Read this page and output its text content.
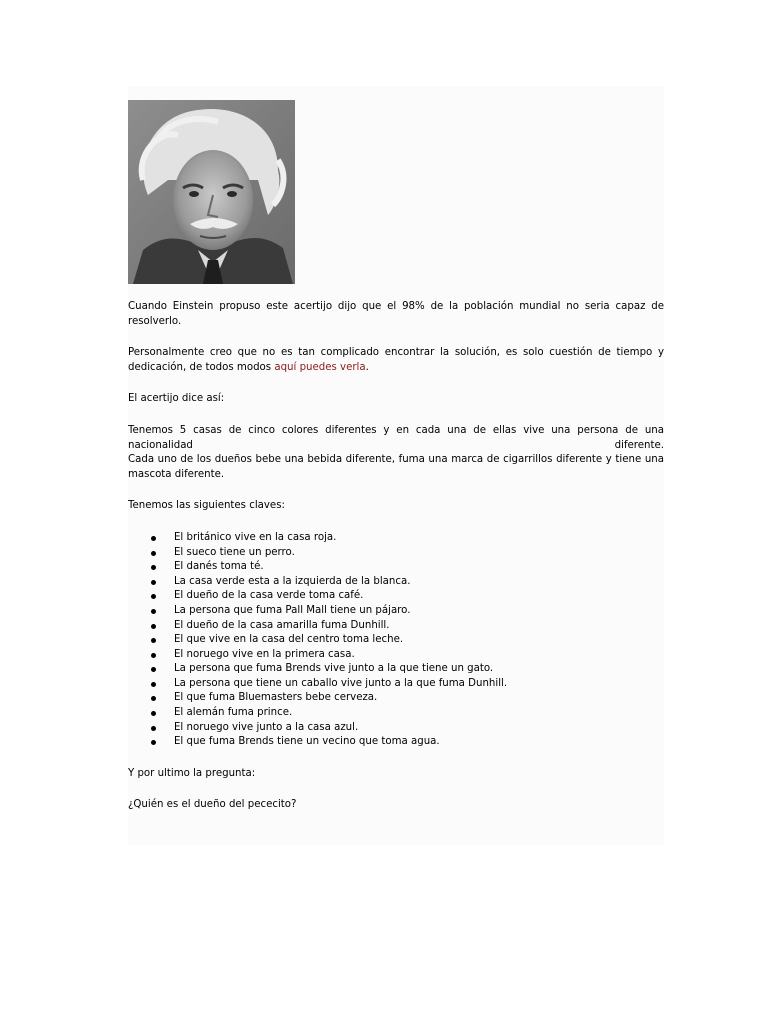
Cuando Einstein propuso este acertijo dijo que el 98% de la población mundial no seria capaz de resolverlo.

Personalmente creo que no es tan complicado encontrar la solución, es solo cuestión de tiempo y dedicación, de todos modos aquí puedes verla.

El acertijo dice así:

Tenemos 5 casas de cinco colores diferentes y en cada una de ellas vive una persona de una nacionalidad diferente.
Cada uno de los dueños bebe una bebida diferente, fuma una marca de cigarrillos diferente y tiene una mascota diferente.

Tenemos las siguientes claves:

El británico vive en la casa roja.
El sueco tiene un perro.
El danés toma té.
La casa verde esta a la izquierda de la blanca.
El dueño de la casa verde toma café.
La persona que fuma Pall Mall tiene un pájaro.
El dueño de la casa amarilla fuma Dunhill.
El que vive en la casa del centro toma leche.
El noruego vive en la primera casa.
La persona que fuma Brends vive junto a la que tiene un gato.
La persona que tiene un caballo vive junto a la que fuma Dunhill.
El que fuma Bluemasters bebe cerveza.
El alemán fuma prince.
El noruego vive junto a la casa azul.
El que fuma Brends tiene un vecino que toma agua.

Y por ultimo la pregunta:

¿Quién es el dueño del pececito?
